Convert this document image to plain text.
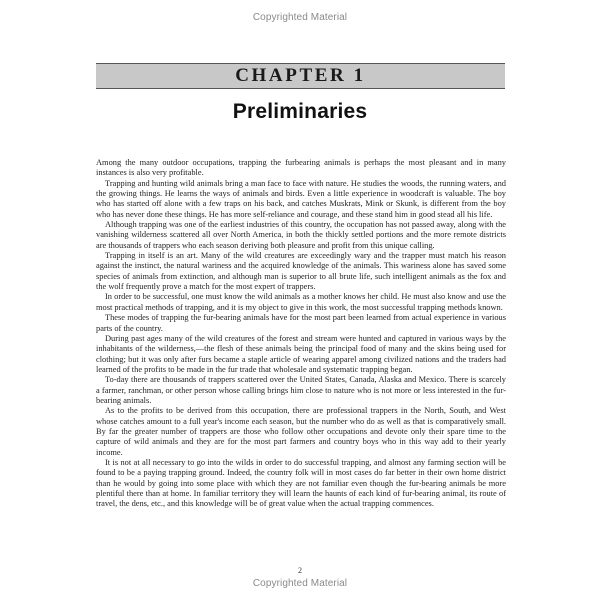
Copyrighted Material
CHAPTER 1
Preliminaries

Among the many outdoor occupations, trapping the furbearing animals is perhaps the most pleasant and in many instances is also very profitable.

Trapping and hunting wild animals bring a man face to face with nature. He studies the woods, the running waters, and the growing things. He learns the ways of animals and birds. Even a little experience in woodcraft is valuable. The boy who has started off alone with a few traps on his back, and catches Muskrats, Mink or Skunk, is different from the boy who has never done these things. He has more self-reliance and courage, and these stand him in good stead all his life.

Although trapping was one of the earliest industries of this country, the occupation has not passed away, along with the vanishing wilderness scattered all over North America, in both the thickly settled portions and the more remote districts are thousands of trappers who each season deriving both pleasure and profit from this unique calling.

Trapping in itself is an art. Many of the wild creatures are exceedingly wary and the trapper must match his reason against the instinct, the natural wariness and the acquired knowledge of the animals. This wariness alone has saved some species of animals from extinction, and although man is superior to all brute life, such intelligent animals as the fox and the wolf frequently prove a match for the most expert of trappers.

In order to be successful, one must know the wild animals as a mother knows her child. He must also know and use the most practical methods of trapping, and it is my object to give in this work, the most successful trapping methods known.

These modes of trapping the fur-bearing animals have for the most part been learned from actual experience in various parts of the country.

During past ages many of the wild creatures of the forest and stream were hunted and captured in various ways by the inhabitants of the wilderness,—the flesh of these animals being the principal food of many and the skins being used for clothing; but it was only after furs became a staple article of wearing apparel among civilized nations and the traders had learned of the profits to be made in the fur trade that wholesale and systematic trapping began.

To-day there are thousands of trappers scattered over the United States, Canada, Alaska and Mexico. There is scarcely a farmer, ranchman, or other person whose calling brings him close to nature who is not more or less interested in the fur-bearing animals.

As to the profits to be derived from this occupation, there are professional trappers in the North, South, and West whose catches amount to a full year's income each season, but the number who do as well as that is comparatively small. By far the greater number of trappers are those who follow other occupations and devote only their spare time to the capture of wild animals and they are for the most part farmers and country boys who in this way add to their yearly income.

It is not at all necessary to go into the wilds in order to do successful trapping, and almost any farming section will be found to be a paying trapping ground. Indeed, the country folk will in most cases do far better in their own home district than he would by going into some place with which they are not familiar even though the fur-bearing animals be more plentiful there than at home. In familiar territory they will learn the haunts of each kind of fur-bearing animal, its route of travel, the dens, etc., and this knowledge will be of great value when the actual trapping commences.

2
Copyrighted Material
